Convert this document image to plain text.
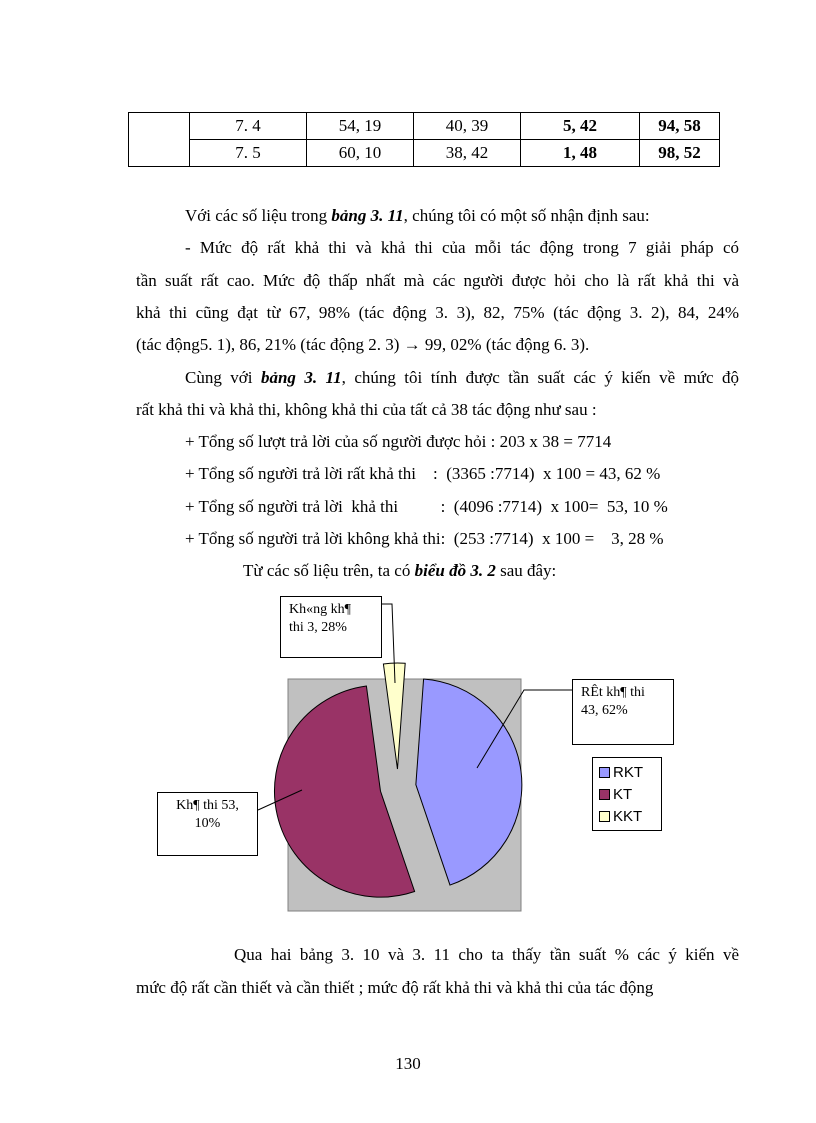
	7. 4	54, 19	40, 39	5, 42	94, 58
	7. 5	60, 10	38, 42	1, 48	98, 52
Với các số liệu trong bảng 3. 11, chúng tôi có một số nhận định sau:
- Mức độ rất khả thi và khả thi của mỗi tác động trong 7 giải pháp có
tần suất rất cao. Mức độ thấp nhất mà các người được hỏi cho là rất khả thi và
khả thi cũng đạt từ 67, 98% (tác động 3. 3), 82, 75% (tác động 3. 2), 84, 24%
(tác động5. 1), 86, 21% (tác động 2. 3) → 99, 02% (tác động 6. 3).
Cùng với bảng 3. 11, chúng tôi tính được tần suất các ý kiến về mức độ
rất khả thi và khả thi, không khả thi của tất cả 38 tác động như sau :
+ Tổng số lượt trả lời của số người được hỏi : 203 x 38 = 7714
+ Tổng số người trả lời rất khả thi    :  (3365 :7714)  x 100 = 43, 62 %
+ Tổng số người trả lời  khả thi          :  (4096 :7714)  x 100=  53, 10 %
+ Tổng số người trả lời không khả thi:  (253 :7714)  x 100 =    3, 28 %
Từ các số liệu trên, ta có biểu đồ 3. 2 sau đây:
Kh«ng kh¶
thi 3, 28%
RÊt kh¶ thi
43, 62%
Kh¶ thi 53,
10%
RKT
KT
KKT
Qua hai bảng 3. 10 và 3. 11 cho ta thấy tần suất % các ý kiến về
mức độ rất cần thiết và cần thiết ; mức độ rất khả thi và khả thi của tác động
130
